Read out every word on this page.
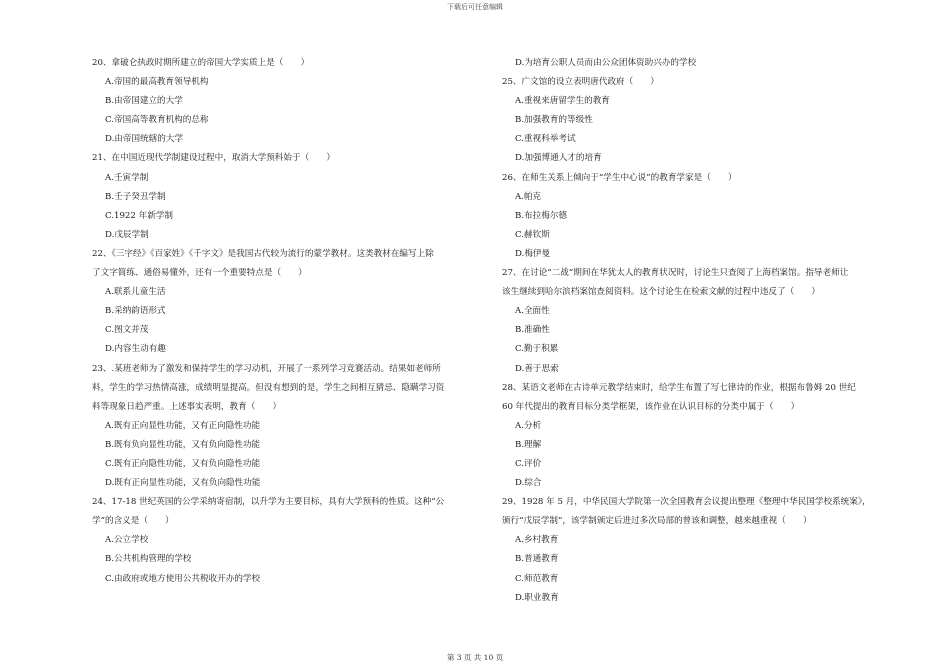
下载后可任意编辑
20、拿破仑执政时期所建立的帝国大学实质上是（　　）
A.帝国的最高教育领导机构
B.由帝国建立的大学
C.帝国高等教育机构的总称
D.由帝国统辖的大学
21、在中国近现代学制建设过程中，取消大学预科始于（　　）
A.壬寅学制
B.壬子癸丑学制
C.1922 年新学制
D.戊辰学制
22、《三字经》《百家姓》《千字文》是我国古代较为流行的蒙学教材。这类教材在编写上除
了文字简练、通俗易懂外，还有一个重要特点是（　　）
A.联系儿童生活
B.采纳韵语形式
C.图文并茂
D.内容生动有趣
23、.某班老师为了激发和保持学生的学习动机，开展了一系列学习竞赛活动。结果如老师所
料，学生的学习热情高涨，成绩明显提高。但没有想到的是，学生之间相互猜忌、隐瞒学习资
料等现象日趋严重。上述事实表明，教育（　　）
A.既有正向显性功能，又有正向隐性功能
B.既有负向显性功能，又有负向隐性功能
C.既有正向隐性功能，又有负向隐性功能
D.既有正向显性功能，又有负向隐性功能
24、17-18 世纪英国的公学采纳寄宿制，以升学为主要目标，具有大学预科的性质。这种“公
学”的含义是（　　）
A.公立学校
B.公共机构管理的学校
C.由政府或地方使用公共税收开办的学校
D.为培育公职人员而由公众团体资助兴办的学校
25、广文馆的设立表明唐代政府（　　）
A.重视来唐留学生的教育
B.加强教育的等级性
C.重视科举考试
D.加强博通人才的培育
26、在师生关系上倾向于“学生中心说”的教育学家是（　　）
A.帕克
B.布拉梅尔德
C.赫钦斯
D.梅伊曼
27、在讨论“二战”期间在华犹太人的教育状况时，讨论生只查阅了上海档案馆。指导老师让
该生继续到哈尔滨档案馆查阅资料。这个讨论生在检索文献的过程中违反了（　　）
A.全面性
B.准确性
C.勤于积累
D.善于思索
28、某语文老师在古诗单元教学结束时，给学生布置了写七律诗的作业，根据布鲁姆 20 世纪
60 年代提出的教育目标分类学框架，该作业在认识目标的分类中属于（　　）
A.分析
B.理解
C.评价
D.综合
29、1928 年 5 月，中华民国大学院第一次全国教育会议提出整理《整理中华民国学校系统案》，
颁行“戊辰学制”，该学制颁定后进过多次局部的曾该和调整，越来越重视（　　）
A.乡村教育
B.普通教育
C.师范教育
D.职业教育
第 3 页 共 10 页
